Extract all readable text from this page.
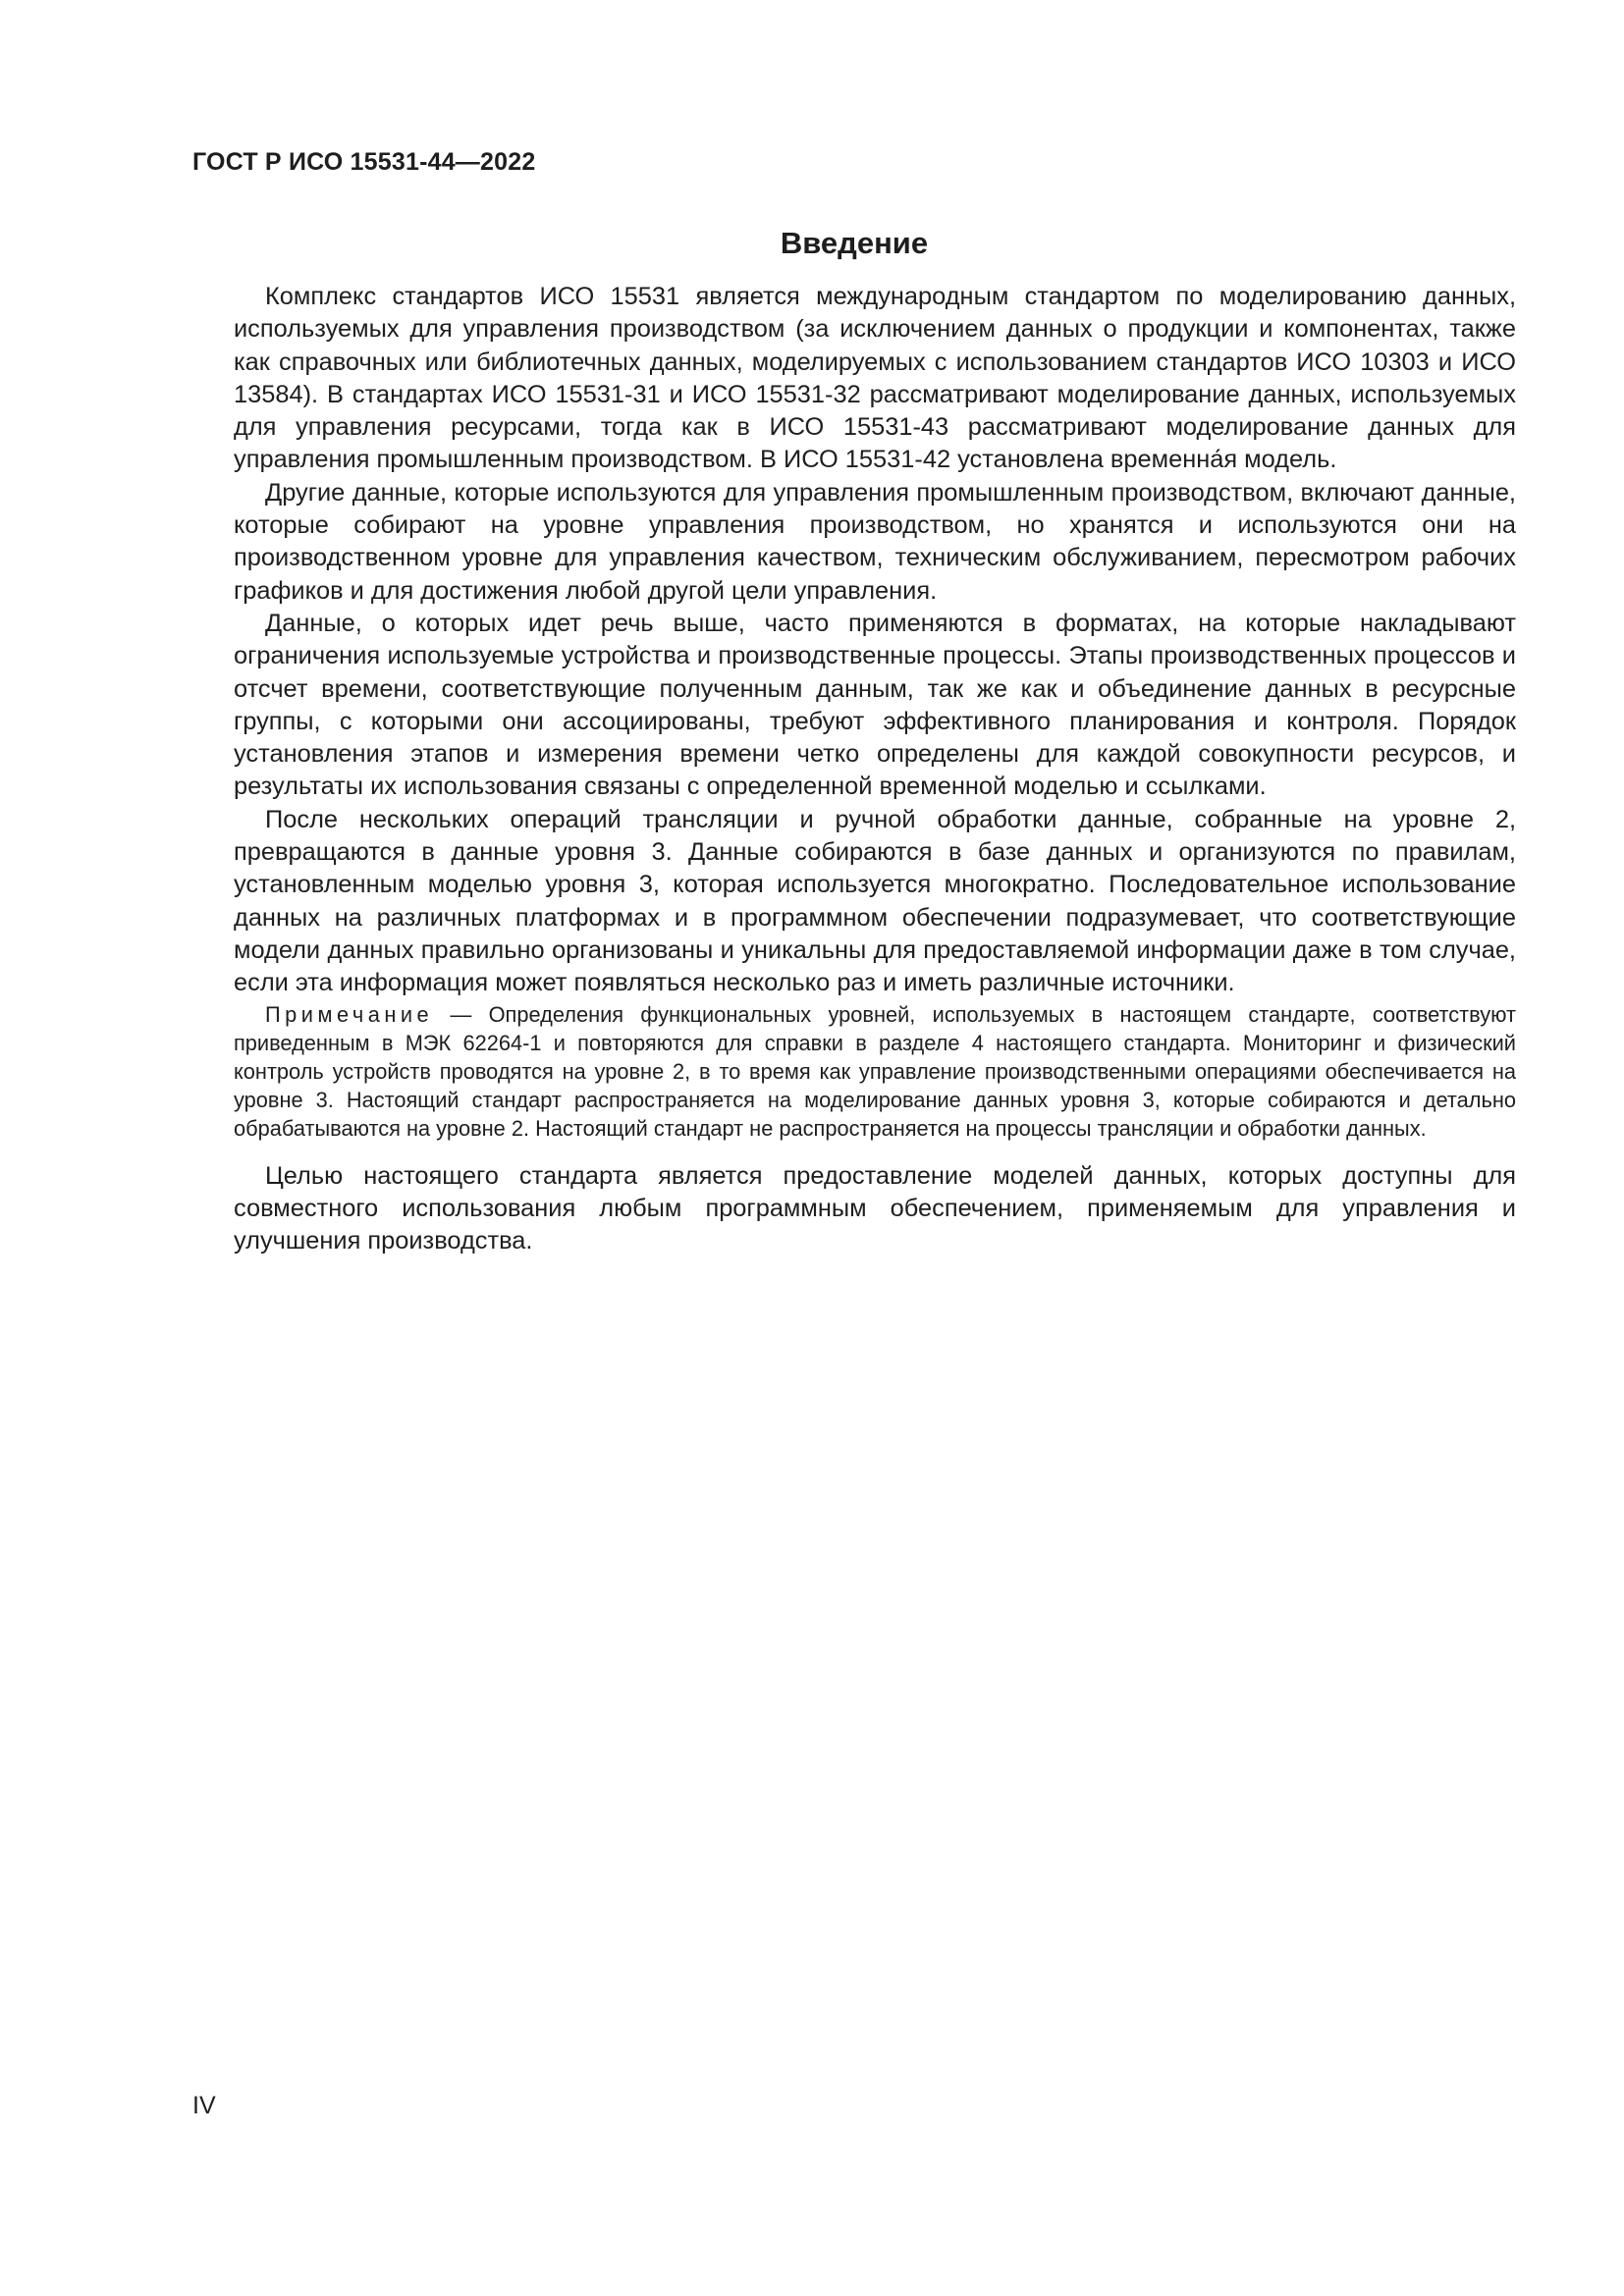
ГОСТ Р ИСО 15531-44—2022

Введение

Комплекс стандартов ИСО 15531 является международным стандартом по моделированию данных, используемых для управления производством (за исключением данных о продукции и компонентах, также как справочных или библиотечных данных, моделируемых с использованием стандартов ИСО 10303 и ИСО 13584). В стандартах ИСО 15531-31 и ИСО 15531-32 рассматривают моделирование данных, используемых для управления ресурсами, тогда как в ИСО 15531-43 рассматривают моделирование данных для управления промышленным производством. В ИСО 15531-42 установлена временна́я модель.

Другие данные, которые используются для управления промышленным производством, включают данные, которые собирают на уровне управления производством, но хранятся и используются они на производственном уровне для управления качеством, техническим обслуживанием, пересмотром рабочих графиков и для достижения любой другой цели управления.

Данные, о которых идет речь выше, часто применяются в форматах, на которые накладывают ограничения используемые устройства и производственные процессы. Этапы производственных процессов и отсчет времени, соответствующие полученным данным, так же как и объединение данных в ресурсные группы, с которыми они ассоциированы, требуют эффективного планирования и контроля. Порядок установления этапов и измерения времени четко определены для каждой совокупности ресурсов, и результаты их использования связаны с определенной временной моделью и ссылками.

После нескольких операций трансляции и ручной обработки данные, собранные на уровне 2, превращаются в данные уровня 3. Данные собираются в базе данных и организуются по правилам, установленным моделью уровня 3, которая используется многократно. Последовательное использование данных на различных платформах и в программном обеспечении подразумевает, что соответствующие модели данных правильно организованы и уникальны для предоставляемой информации даже в том случае, если эта информация может появляться несколько раз и иметь различные источники.

Примечание — Определения функциональных уровней, используемых в настоящем стандарте, соответствуют приведенным в МЭК 62264-1 и повторяются для справки в разделе 4 настоящего стандарта. Мониторинг и физический контроль устройств проводятся на уровне 2, в то время как управление производственными операциями обеспечивается на уровне 3. Настоящий стандарт распространяется на моделирование данных уровня 3, которые собираются и детально обрабатываются на уровне 2. Настоящий стандарт не распространяется на процессы трансляции и обработки данных.

Целью настоящего стандарта является предоставление моделей данных, которых доступны для совместного использования любым программным обеспечением, применяемым для управления и улучшения производства.

IV
